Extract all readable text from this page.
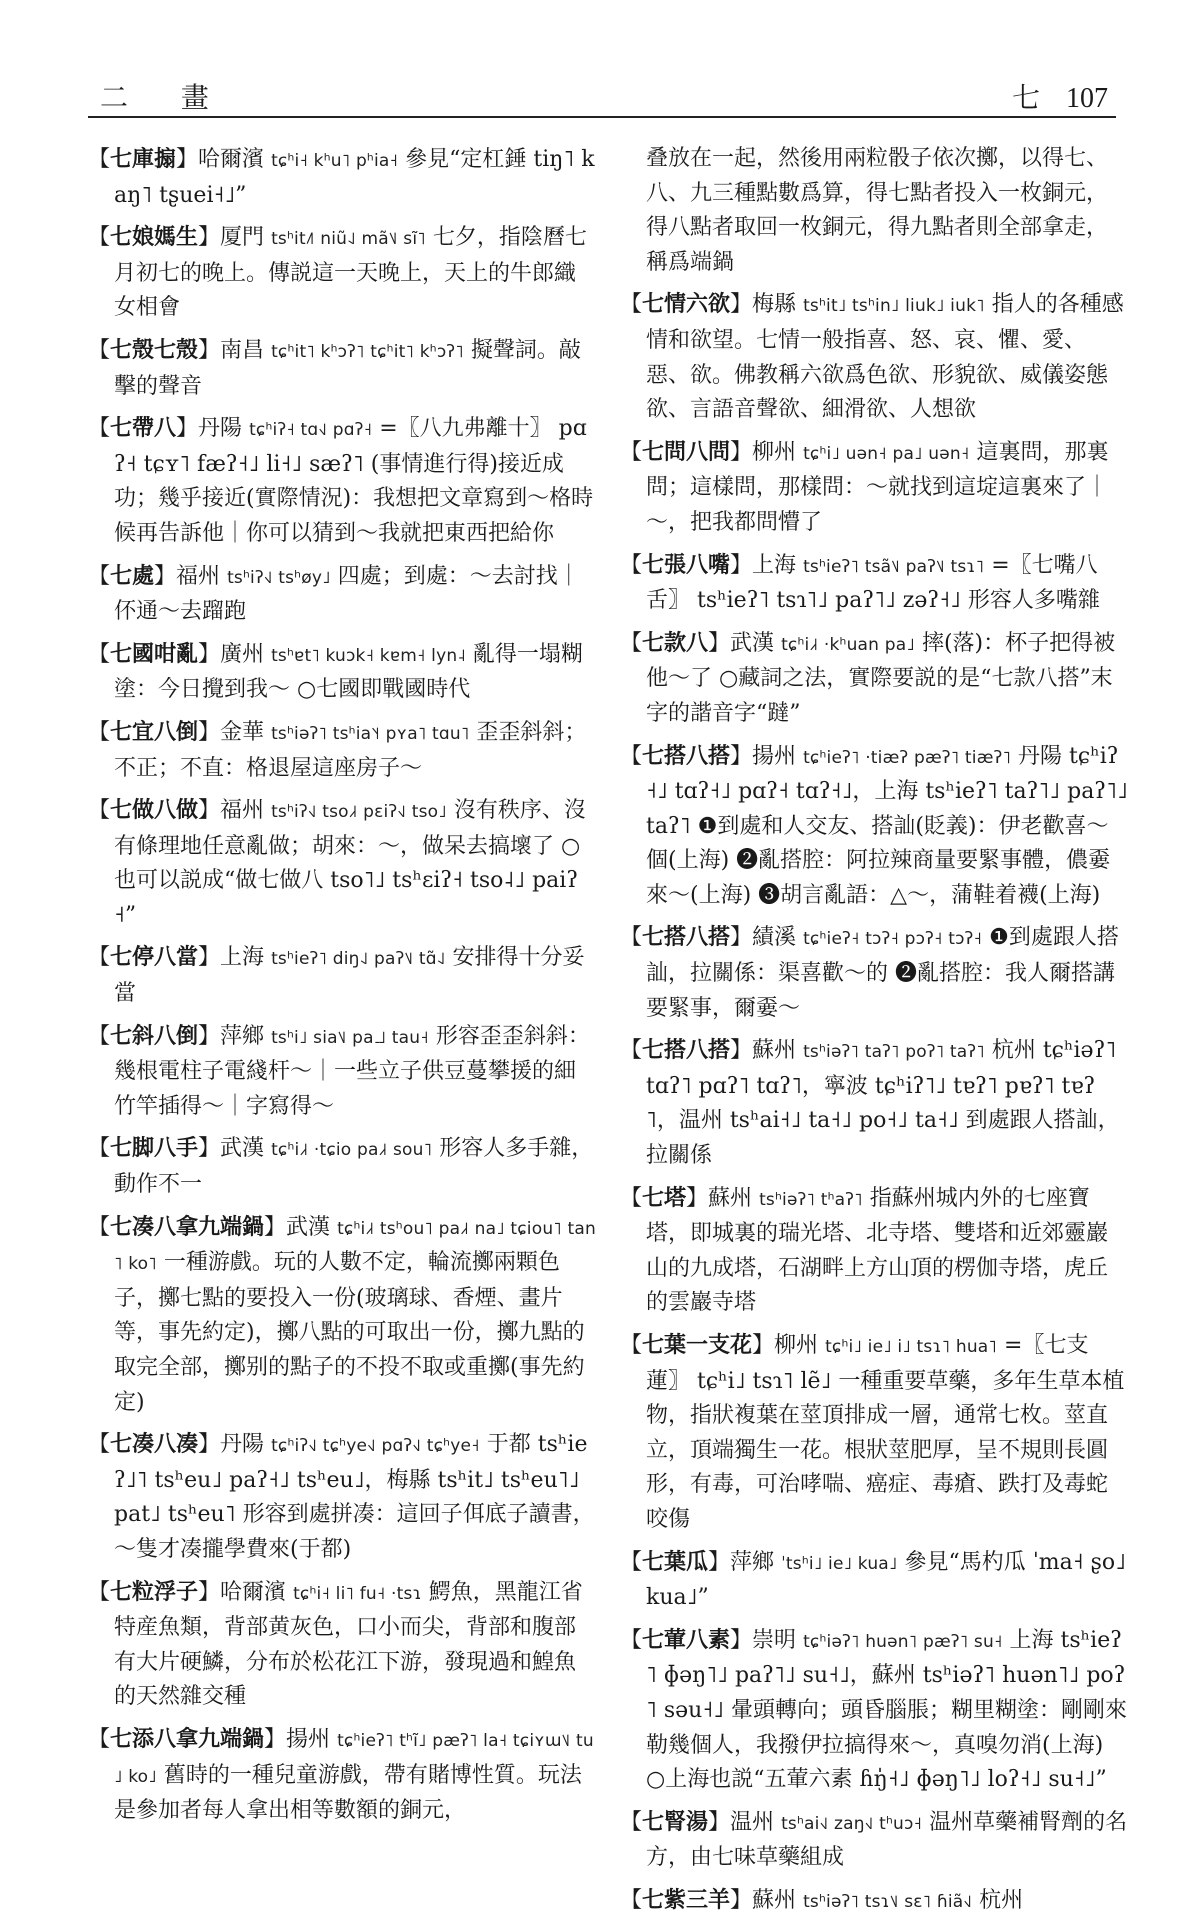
二 畫	七 107
【七庫搧】哈爾濱 tɕʰi˧ kʰu˥ pʰia˧ 參見“定杠錘 tiŋ˥ kaŋ˥ tʂuei˧˩”
【七娘媽生】厦門 tsʰit˩˥ niũ˨˩ mã˥˩ sĩ˥ 七夕，指陰曆七月初七的晚上。傳説這一天晚上，天上的牛郎織女相會
【七殼七殼】南昌 tɕʰit˥ kʰɔʔ˥ tɕʰit˥ kʰɔʔ˥ 擬聲詞。敲擊的聲音
【七帶八】丹陽 tɕʰiʔ˧ tɑ˧˩ pɑʔ˧ =〖八九弗離十〗 pɑʔ˧ tɕʏ˥ fæʔ˧˩ li˧˩ sæʔ˥ (事情進行得)接近成功；幾乎接近(實際情況)：我想把文章寫到～格時候再告訴他｜你可以猜到～我就把東西把給你
【七處】福州 tsʰiʔ˧˩ tsʰøy˩ 四處；到處：～去討找｜伓通～去蹓跑
【七國咁亂】廣州 tsʰɐt˥ kuɔk˧ kɐm˧ lyn˨ 亂得一塌糊塗：今日攪到我～ ○七國即戰國時代
【七宜八倒】金華 tsʰiəʔ˥ tsʰia˥˧ pʏa˥ tɑu˥ 歪歪斜斜；不正；不直：格退屋這座房子～
【七做八做】福州 tsʰiʔ˧˩ tso˩˧ pɛiʔ˧˩ tso˩ 沒有秩序、沒有條理地任意亂做；胡來：～，做呆去搞壞了 ○也可以説成“做七做八 tso˥˩ tsʰɛiʔ˧ tso˨˩ paiʔ˧”
【七停八當】上海 tsʰieʔ˥ diŋ˨˩ paʔ˥˩ tɑ̃˨˩ 安排得十分妥當
【七斜八倒】萍鄉 tsʰi˩ sia˥˩ pa˩˩ tau˧ 形容歪歪斜斜：幾根電柱子電綫杆～｜一些立子供豆蔓攀援的細竹竿插得～｜字寫得～
【七脚八手】武漢 tɕʰi˩˧ ·tɕio pa˩˧ sou˥ 形容人多手雜，動作不一
【七凑八拿九端鍋】武漢 tɕʰi˩˧ tsʰou˥ pa˩˧ na˩ tɕiou˥ tan˥ ko˥ 一種游戲。玩的人數不定，輪流擲兩顆色子，擲七點的要投入一份(玻璃球、香煙、畫片等，事先約定)，擲八點的可取出一份，擲九點的取完全部，擲别的點子的不投不取或重擲(事先約定)
【七凑八凑】丹陽 tɕʰiʔ˧˩ tɕʰye˧˩ pɑʔ˧˩ tɕʰye˧ 于都 tsʰieʔ˩˥ tsʰeu˩ paʔ˧˩ tsʰeu˩，梅縣 tsʰit˩ tsʰeu˥˩ pat˩ tsʰeu˥ 形容到處拼凑：這回子佴底子讀書，～隻才凑攏學費來(于都)
【七粒浮子】哈爾濱 tɕʰi˧ li˥ fu˧ ·tsɿ 鰐魚，黑龍江省特産魚類，背部黄灰色，口小而尖，背部和腹部有大片硬鱗，分布於松花江下游，發現過和鰉魚的天然雜交種
【七添八拿九端鍋】揚州 tɕʰieʔ˥ tʰĩ˩ pæʔ˥ la˧ tɕiʏɯ˥˩ tu˩ ko˩ 舊時的一種兒童游戲，帶有賭博性質。玩法是參加者每人拿出相等數額的銅元，
叠放在一起，然後用兩粒骰子依次擲，以得七、八、九三種點數爲算，得七點者投入一枚銅元，得八點者取回一枚銅元，得九點者則全部拿走，稱爲端鍋
【七情六欲】梅縣 tsʰit˩ tsʰin˩ liuk˩ iuk˥ 指人的各種感情和欲望。七情一般指喜、怒、哀、懼、愛、惡、欲。佛教稱六欲爲色欲、形貌欲、威儀姿態欲、言語音聲欲、細滑欲、人想欲
【七問八問】柳州 tɕʰi˩ uən˧ pa˩ uən˧ 這裏問，那裏問；這樣問，那樣問：～就找到這埞這裏來了｜～，把我都問懵了
【七張八嘴】上海 tsʰieʔ˥ tsã˥˩ paʔ˥˩ tsɿ˥ =〖七嘴八舌〗 tsʰieʔ˥ tsɿ˥˩ paʔ˥˩ zəʔ˧˩ 形容人多嘴雜
【七款八】武漢 tɕʰi˩˧ ·kʰuan pa˩ 摔(落)：杯子把得被他～了 ○藏詞之法，實際要説的是“七款八搭”末字的諧音字“躂”
【七搭八搭】揚州 tɕʰieʔ˥ ·tiæʔ pæʔ˥ tiæʔ˥ 丹陽 tɕʰiʔ˧˩ tɑʔ˧˩ pɑʔ˧ tɑʔ˧˩，上海 tsʰieʔ˥ taʔ˥˩ paʔ˥˩ taʔ˥ ❶到處和人交友、搭訕(貶義)：伊老歡喜～個(上海) ❷亂搭腔：阿拉辣商量要緊事體，儂嫑來～(上海) ❸胡言亂語：△～，蒲鞋着襪(上海)
【七搭八搭】績溪 tɕʰieʔ˧ tɔʔ˧ pɔʔ˧ tɔʔ˧ ❶到處跟人搭訕，拉關係：渠喜歡～的 ❷亂搭腔：我人爾搭講要緊事，爾嫑～
【七搭八搭】蘇州 tsʰiəʔ˥ taʔ˥ poʔ˥ taʔ˥ 杭州 tɕʰiəʔ˥ tɑʔ˥ pɑʔ˥ tɑʔ˥，寧波 tɕʰiʔ˥˩ tɐʔ˥ pɐʔ˥ tɐʔ˥，温州 tsʰai˧˩ ta˧˩ po˧˩ ta˧˩ 到處跟人搭訕，拉關係
【七塔】蘇州 tsʰiəʔ˥ tʰaʔ˥ 指蘇州城内外的七座寶塔，即城裏的瑞光塔、北寺塔、雙塔和近郊靈巖山的九成塔，石湖畔上方山頂的楞伽寺塔，虎丘的雲巖寺塔
【七葉一支花】柳州 tɕʰi˩ ie˩ i˩ tsɿ˥ hua˥ =〖七支蓮〗 tɕʰi˩ tsɿ˥ lẽ˩ 一種重要草藥，多年生草本植物，指狀複葉在莖頂排成一層，通常七枚。莖直立，頂端獨生一花。根狀莖肥厚，呈不規則長圓形，有毒，可治哮喘、癌症、毒瘡、跌打及毒蛇咬傷
【七葉瓜】萍鄉 ˈtsʰi˩ ie˩ kua˩ 參見“馬杓瓜 ˈma˧ ʂo˩ kua˩”
【七葷八素】崇明 tɕʰiəʔ˥ huən˥ pæʔ˥ su˧ 上海 tsʰieʔ˥ ɸəŋ˥˩ paʔ˥˩ su˧˩，蘇州 tsʰiəʔ˥ huən˥˩ poʔ˥ səu˧˩ 暈頭轉向；頭昏腦脹；糊里糊塗：剛剛來勒幾個人，我撥伊拉搞得來～，真嗅勿消(上海) ○上海也説“五葷六素 ɦŋ̍˧˩ ɸəŋ˥˩ loʔ˧˩ su˧˩”
【七腎湯】温州 tsʰai˧˩ zaŋ˧˩ tʰuɔ˧ 温州草藥補腎劑的名方，由七味草藥組成
【七紫三羊】蘇州 tsʰiəʔ˥ tsɿ˥˩ sɛ˥ ɦiã˧˩ 杭州
